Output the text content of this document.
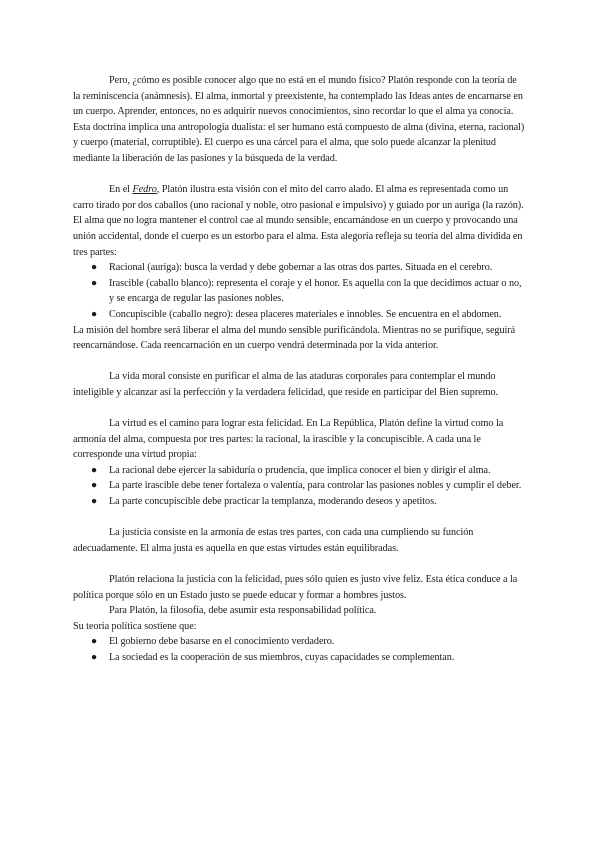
Pero, ¿cómo es posible conocer algo que no está en el mundo físico? Platón responde con la teoría de la reminiscencia (anámnesis). El alma, inmortal y preexistente, ha contemplado las Ideas antes de encarnarse en un cuerpo. Aprender, entonces, no es adquirir nuevos conocimientos, sino recordar lo que el alma ya conocía. Esta doctrina implica una antropología dualista: el ser humano está compuesto de alma (divina, eterna, racional) y cuerpo (material, corruptible). El cuerpo es una cárcel para el alma, que solo puede alcanzar la plenitud mediante la liberación de las pasiones y la búsqueda de la verdad.

En el Fedro, Platón ilustra esta visión con el mito del carro alado. El alma es representada como un carro tirado por dos caballos (uno racional y noble, otro pasional e impulsivo) y guiado por un auriga (la razón). El alma que no logra mantener el control cae al mundo sensible, encarnándose en un cuerpo y provocando una unión accidental, donde el cuerpo es un estorbo para el alma. Esta alegoría refleja su teoría del alma dividida en tres partes:

● Racional (auriga): busca la verdad y debe gobernar a las otras dos partes. Situada en el cerebro.
● Irascible (caballo blanco): representa el coraje y el honor. Es aquella con la que decidimos actuar o no, y se encarga de regular las pasiones nobles.
● Concupiscible (caballo negro): desea placeres materiales e innobles. Se encuentra en el abdomen.

La misión del hombre será liberar el alma del mundo sensible purificándola. Mientras no se purifique, seguirá reencarnándose. Cada reencarnación en un cuerpo vendrá determinada por la vida anterior.

La vida moral consiste en purificar el alma de las ataduras corporales para contemplar el mundo inteligible y alcanzar así la perfección y la verdadera felicidad, que reside en participar del Bien supremo.

La virtud es el camino para lograr esta felicidad. En La República, Platón define la virtud como la armonía del alma, compuesta por tres partes: la racional, la irascible y la concupiscible. A cada una le corresponde una virtud propia:

● La racional debe ejercer la sabiduría o prudencia, que implica conocer el bien y dirigir el alma.
● La parte irascible debe tener fortaleza o valentía, para controlar las pasiones nobles y cumplir el deber.
● La parte concupiscible debe practicar la templanza, moderando deseos y apetitos.

La justicia consiste en la armonía de estas tres partes, con cada una cumpliendo su función adecuadamente. El alma justa es aquella en que estas virtudes están equilibradas.

Platón relaciona la justicia con la felicidad, pues sólo quien es justo vive feliz. Esta ética conduce a la política porque sólo en un Estado justo se puede educar y formar a hombres justos.

Para Platón, la filosofía, debe asumir esta responsabilidad política.

Su teoría política sostiene que:

● El gobierno debe basarse en el conocimiento verdadero.
● La sociedad es la cooperación de sus miembros, cuyas capacidades se complementan.
